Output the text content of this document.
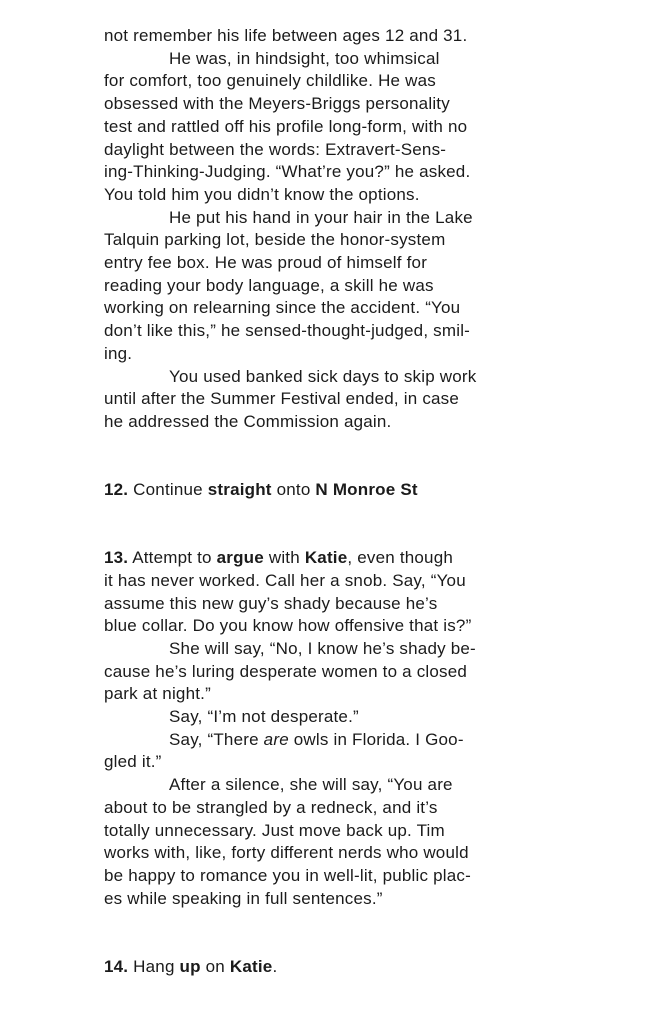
not remember his life between ages 12 and 31.
He was, in hindsight, too whimsical
for comfort, too genuinely childlike. He was
obsessed with the Meyers-Briggs personality
test and rattled off his profile long-form, with no
daylight between the words: Extravert-Sens-
ing-Thinking-Judging. “What’re you?” he asked.
You told him you didn’t know the options.
He put his hand in your hair in the Lake
Talquin parking lot, beside the honor-system
entry fee box. He was proud of himself for
reading your body language, a skill he was
working on relearning since the accident. “You
don’t like this,” he sensed-thought-judged, smil-
ing.
You used banked sick days to skip work
until after the Summer Festival ended, in case
he addressed the Commission again.
12. Continue straight onto N Monroe St
13. Attempt to argue with Katie, even though
it has never worked. Call her a snob. Say, “You
assume this new guy’s shady because he’s
blue collar. Do you know how offensive that is?”
She will say, “No, I know he’s shady be-
cause he’s luring desperate women to a closed
park at night.”
Say, “I’m not desperate.”
Say, “There are owls in Florida. I Goo-
gled it.”
After a silence, she will say, “You are
about to be strangled by a redneck, and it’s
totally unnecessary. Just move back up. Tim
works with, like, forty different nerds who would
be happy to romance you in well-lit, public plac-
es while speaking in full sentences.”
14. Hang up on Katie.
